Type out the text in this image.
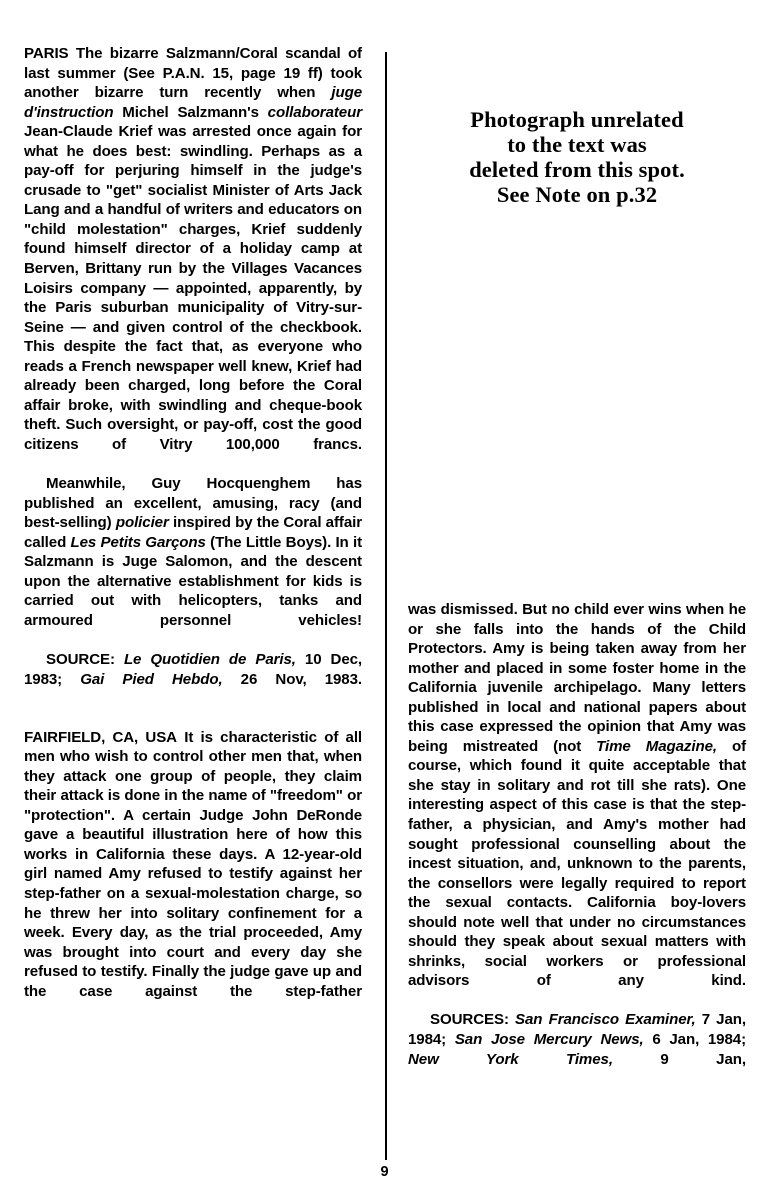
PARIS The bizarre Salzmann/Coral scandal of last summer (See P.A.N. 15, page 19 ff) took another bizarre turn recently when juge d'instruction Michel Salzmann's collaborateur Jean-Claude Krief was arrested once again for what he does best: swindling. Perhaps as a pay-off for perjuring himself in the judge's crusade to "get" socialist Minister of Arts Jack Lang and a handful of writers and educators on "child molestation" charges, Krief suddenly found himself director of a holiday camp at Berven, Brittany run by the Villages Vacances Loisirs company — appointed, apparently, by the Paris suburban municipality of Vitry-sur-Seine — and given control of the checkbook. This despite the fact that, as everyone who reads a French newspaper well knew, Krief had already been charged, long before the Coral affair broke, with swindling and cheque-book theft. Such oversight, or pay-off, cost the good citizens of Vitry 100,000 francs.

Meanwhile, Guy Hocquenghem has published an excellent, amusing, racy (and best-selling) policier inspired by the Coral affair called Les Petits Garçons (The Little Boys). In it Salzmann is Juge Salomon, and the descent upon the alternative establishment for kids is carried out with helicopters, tanks and armoured personnel vehicles!

SOURCE: Le Quotidien de Paris, 10 Dec, 1983; Gai Pied Hebdo, 26 Nov, 1983.

FAIRFIELD, CA, USA It is characteristic of all men who wish to control other men that, when they attack one group of people, they claim their attack is done in the name of "freedom" or "protection". A certain Judge John DeRonde gave a beautiful illustration here of how this works in California these days. A 12-year-old girl named Amy refused to testify against her step-father on a sexual-molestation charge, so he threw her into solitary confinement for a week. Every day, as the trial proceeded, Amy was brought into court and every day she refused to testify. Finally the judge gave up and the case against the step-father

Photograph unrelated
to the text was
deleted from this spot.
See Note on p.32

was dismissed. But no child ever wins when he or she falls into the hands of the Child Protectors. Amy is being taken away from her mother and placed in some foster home in the California juvenile archipelago. Many letters published in local and national papers about this case expressed the opinion that Amy was being mistreated (not Time Magazine, of course, which found it quite acceptable that she stay in solitary and rot till she rats). One interesting aspect of this case is that the step-father, a physician, and Amy's mother had sought professional counselling about the incest situation, and, unknown to the parents, the consellors were legally required to report the sexual contacts. California boy-lovers should note well that under no circumstances should they speak about sexual matters with shrinks, social workers or professional advisors of any kind.

SOURCES: San Francisco Examiner, 7 Jan, 1984; San Jose Mercury News, 6 Jan, 1984; New York Times, 9 Jan,

9
